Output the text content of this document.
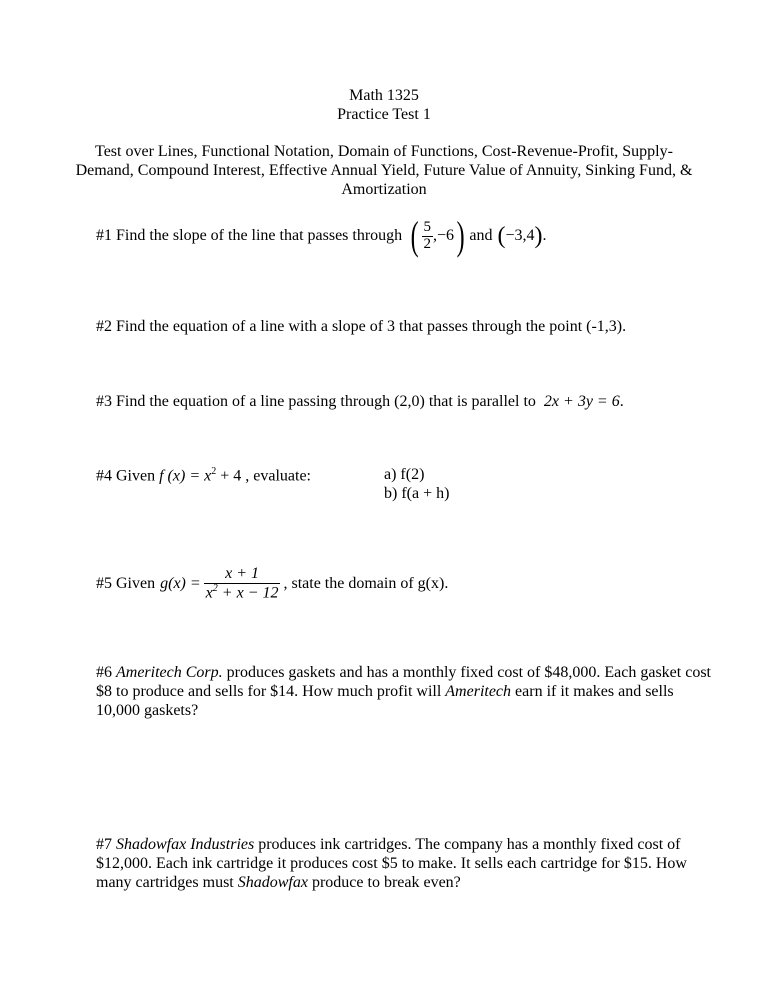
Math 1325
Practice Test 1
Test over Lines, Functional Notation, Domain of Functions, Cost-Revenue-Profit, Supply-
Demand, Compound Interest, Effective Annual Yield, Future Value of Annuity, Sinking Fund, &
Amortization
#1 Find the slope of the line that passes through ( $\frac{5}{2} ,-6$ ) and ( −3,4 ) .
#2 Find the equation of a line with a slope of 3 that passes through the point (-1,3).
#3 Find the equation of a line passing through (2,0) that is parallel to 2x + 3y = 6.
#4 Given f $(x) = x^2 + 4$ , evaluate:	a) f(2)
b) f(a + h)
#5 Given $g(x) = \frac{x + 1}{x^2 + x - 12}$ , state the domain of g(x).
#6 Ameritech Corp. produces gaskets and has a monthly fixed cost of $48,000. Each gasket cost
$8 to produce and sells for $14. How much profit will Ameritech earn if it makes and sells
10,000 gaskets?
#7 Shadowfax Industries produces ink cartridges. The company has a monthly fixed cost of
$12,000. Each ink cartridge it produces cost $5 to make. It sells each cartridge for $15. How
many cartridges must Shadowfax produce to break even?
